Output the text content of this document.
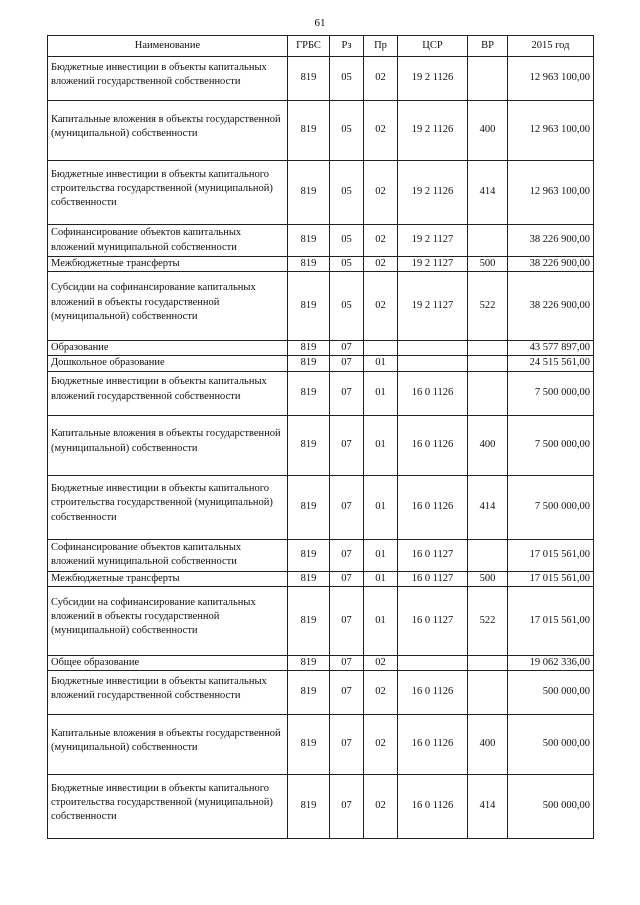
61
Наименование	ГРБС	Рз	Пр	ЦСР	ВР	2015 год
Бюджетные инвестиции в объекты капитальных вложений государственной собственности	819	05	02	19 2 1126		12 963 100,00
Капитальные вложения в объекты государственной (муниципальной) собственности	819	05	02	19 2 1126	400	12 963 100,00
Бюджетные инвестиции в объекты капитального строительства государственной (муниципальной) собственности	819	05	02	19 2 1126	414	12 963 100,00
Софинансирование объектов капитальных вложений муниципальной собственности	819	05	02	19 2 1127		38 226 900,00
Межбюджетные трансферты	819	05	02	19 2 1127	500	38 226 900,00
Субсидии на софинансирование капитальных вложений в объекты государственной (муниципальной) собственности	819	05	02	19 2 1127	522	38 226 900,00
Образование	819	07				43 577 897,00
Дошкольное образование	819	07	01			24 515 561,00
Бюджетные инвестиции в объекты капитальных вложений государственной собственности	819	07	01	16 0 1126		7 500 000,00
Капитальные вложения в объекты государственной (муниципальной) собственности	819	07	01	16 0 1126	400	7 500 000,00
Бюджетные инвестиции в объекты капитального строительства государственной (муниципальной) собственности	819	07	01	16 0 1126	414	7 500 000,00
Софинансирование объектов капитальных вложений муниципальной собственности	819	07	01	16 0 1127		17 015 561,00
Межбюджетные трансферты	819	07	01	16 0 1127	500	17 015 561,00
Субсидии на софинансирование капитальных вложений в объекты государственной (муниципальной) собственности	819	07	01	16 0 1127	522	17 015 561,00
Общее образование	819	07	02			19 062 336,00
Бюджетные инвестиции в объекты капитальных вложений государственной собственности	819	07	02	16 0 1126		500 000,00
Капитальные вложения в объекты государственной (муниципальной) собственности	819	07	02	16 0 1126	400	500 000,00
Бюджетные инвестиции в объекты капитального строительства государственной (муниципальной) собственности	819	07	02	16 0 1126	414	500 000,00
